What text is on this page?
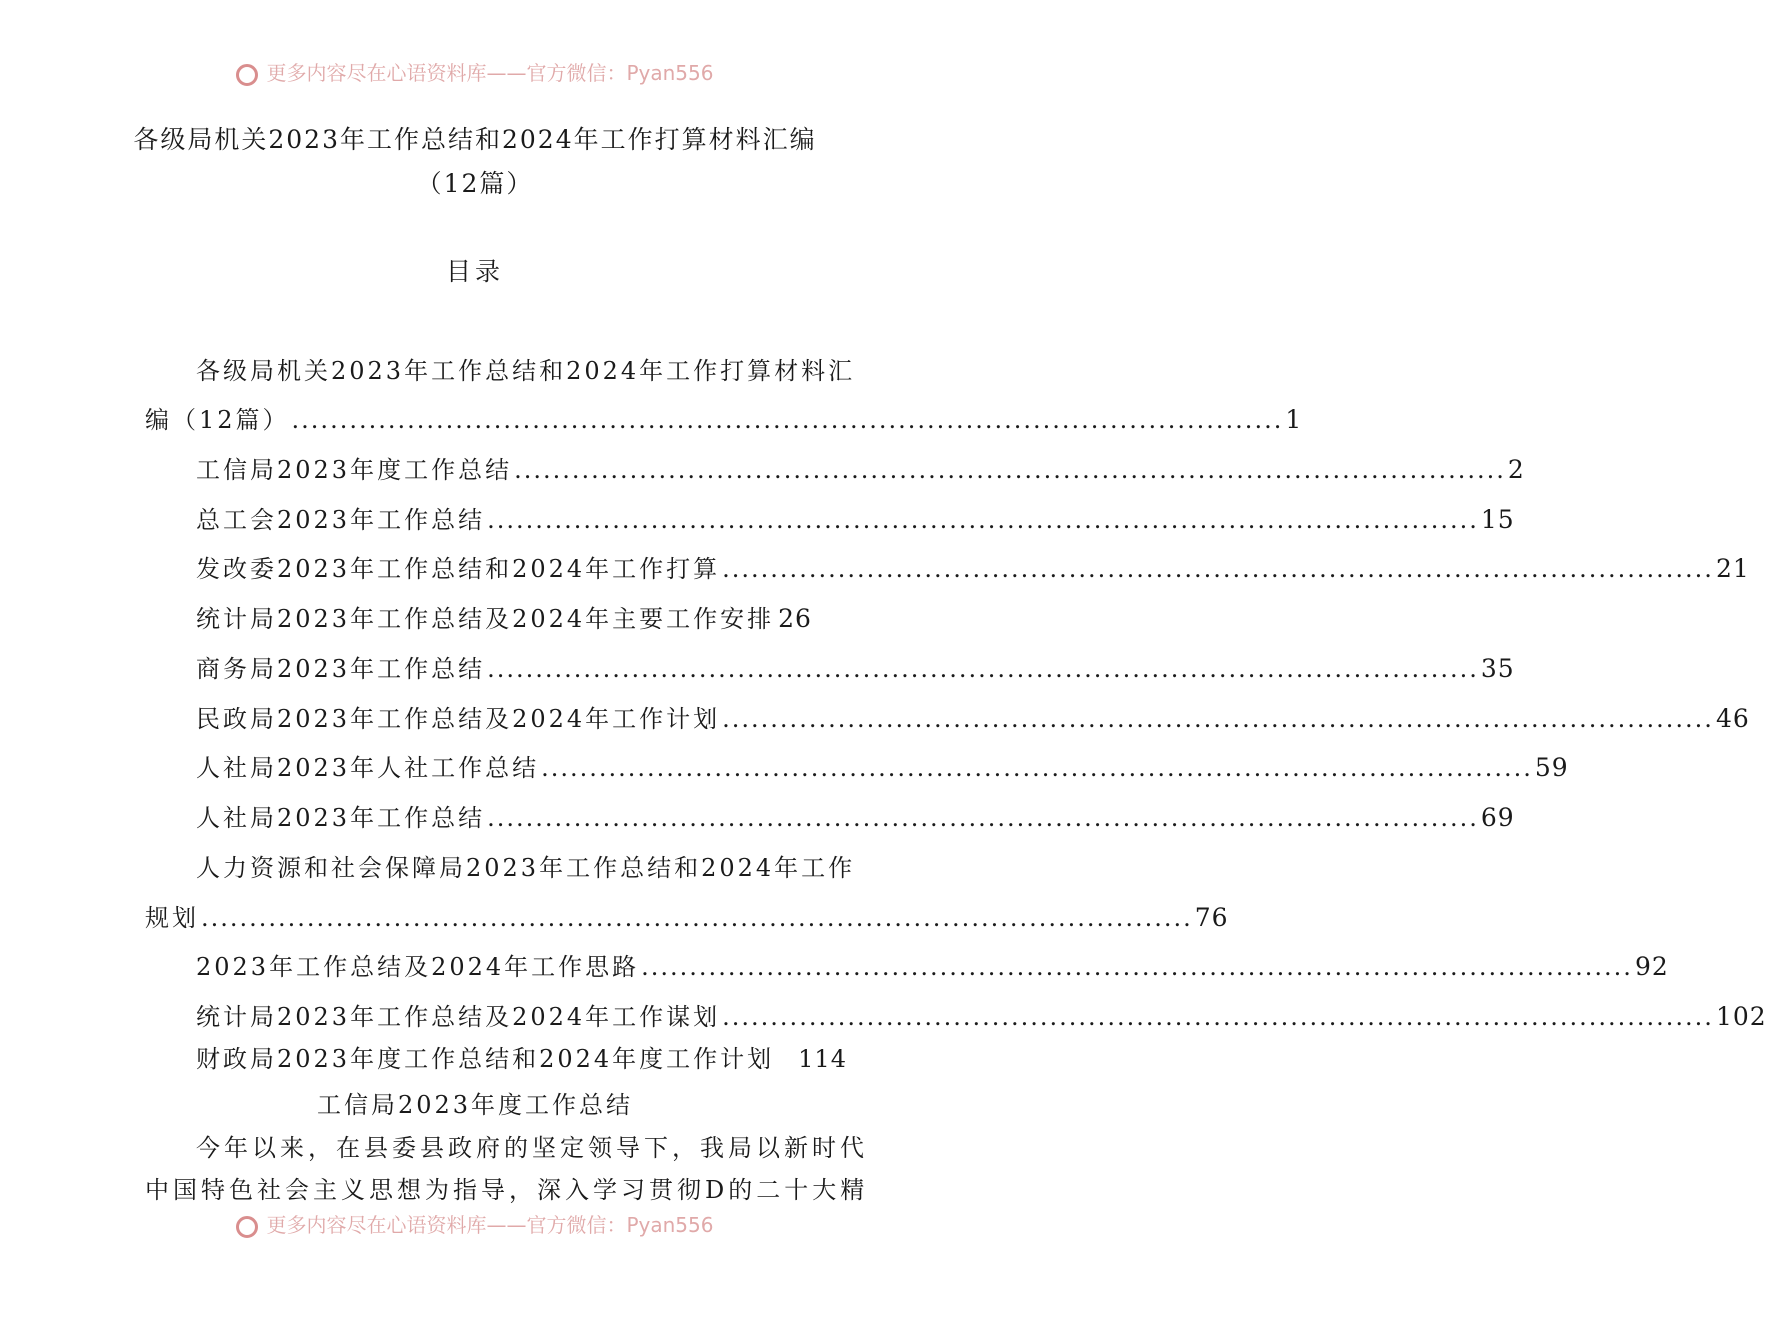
更多内容尽在心语资料库——官方微信：Pyan556
各级局机关2023年工作总结和2024年工作打算材料汇编
（12篇）
目录
各级局机关2023年工作总结和2024年工作打算材料汇
编（12篇） ....................................................................................................... 1
工信局2023年度工作总结 ....................................................................................................... 2
总工会2023年工作总结 ....................................................................................................... 15
发改委2023年工作总结和2024年工作打算 ....................................................................................................... 21
统计局2023年工作总结及2024年主要工作安排 26
商务局2023年工作总结 ....................................................................................................... 35
民政局2023年工作总结及2024年工作计划 ....................................................................................................... 46
人社局2023年人社工作总结 ....................................................................................................... 59
人社局2023年工作总结 ....................................................................................................... 69
人力资源和社会保障局2023年工作总结和2024年工作
规划 ....................................................................................................... 76
2023年工作总结及2024年工作思路 ....................................................................................................... 92
统计局2023年工作总结及2024年工作谋划 ....................................................................................................... 102
财政局2023年度工作总结和2024年度工作计划 114
工信局2023年度工作总结
今年以来，在县委县政府的坚定领导下，我局以新时代
中国特色社会主义思想为指导，深入学习贯彻D的二十大精
更多内容尽在心语资料库——官方微信：Pyan556
